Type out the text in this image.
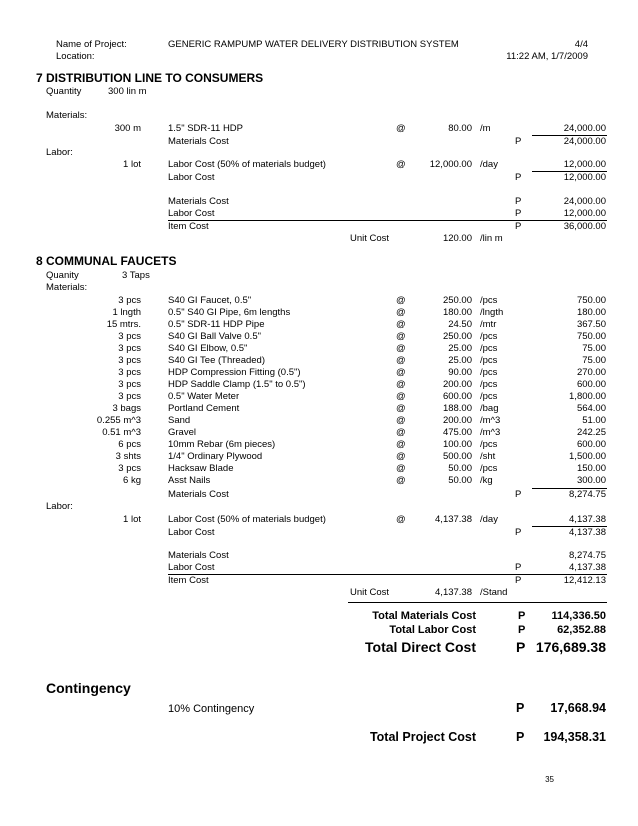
Name of Project:	GENERIC RAMPUMP WATER DELIVERY DISTRIBUTION SYSTEM	4/4
Location:	11:22 AM, 1/7/2009
7 DISTRIBUTION LINE TO CONSUMERS
Quantity	300 lin m
Materials:
300 m	1.5" SDR-11 HDP	@	80.00 /m	24,000.00
Materials Cost	P	24,000.00
Labor:
1 lot	Labor Cost (50% of materials budget)	@	12,000.00 /day	12,000.00
Labor Cost	P	12,000.00
Materials Cost	P	24,000.00
Labor Cost	P	12,000.00
Item Cost	P	36,000.00
Unit Cost	120.00 /lin m
8 COMMUNAL FAUCETS
Quanity	3 Taps
Materials:
3 pcs	S40 GI Faucet, 0.5"	@	250.00 /pcs	750.00
1 lngth	0.5" S40 GI Pipe, 6m lengths	@	180.00 /lngth	180.00
15 mtrs.	0.5" SDR-11 HDP Pipe	@	24.50 /mtr	367.50
3 pcs	S40 GI Ball Valve 0.5"	@	250.00 /pcs	750.00
3 pcs	S40 GI Elbow, 0.5"	@	25.00 /pcs	75.00
3 pcs	S40 GI Tee (Threaded)	@	25.00 /pcs	75.00
3 pcs	HDP Compression Fitting (0.5")	@	90.00 /pcs	270.00
3 pcs	HDP Saddle Clamp (1.5" to 0.5")	@	200.00 /pcs	600.00
3 pcs	0.5" Water Meter	@	600.00 /pcs	1,800.00
3 bags	Portland Cement	@	188.00 /bag	564.00
0.255 m^3	Sand	@	200.00 /m^3	51.00
0.51 m^3	Gravel	@	475.00 /m^3	242.25
6 pcs	10mm Rebar (6m pieces)	@	100.00 /pcs	600.00
3 shts	1/4" Ordinary Plywood	@	500.00 /sht	1,500.00
3 pcs	Hacksaw Blade	@	50.00 /pcs	150.00
6 kg	Asst Nails	@	50.00 /kg	300.00
Materials Cost	P	8,274.75
Labor:
1 lot	Labor Cost (50% of materials budget)	@	4,137.38 /day	4,137.38
Labor Cost	P	4,137.38
Materials Cost	8,274.75
Labor Cost	P	4,137.38
Item Cost	P	12,412.13
Unit Cost	4,137.38 /Stand
Total Materials Cost	P 114,336.50
Total Labor Cost	P	62,352.88
Total Direct Cost	P 176,689.38
Contingency
10% Contingency	P 17,668.94
Total Project Cost	P 194,358.31
35
